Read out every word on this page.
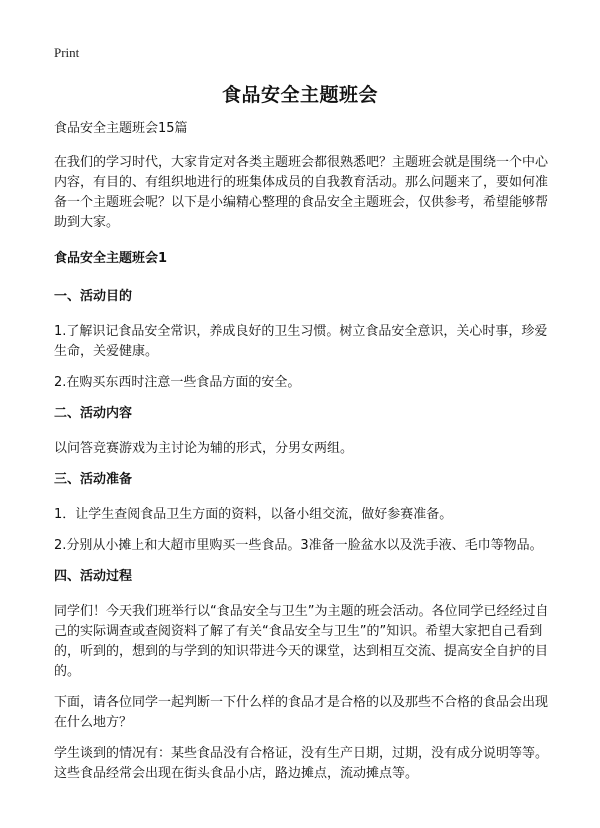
Print
食品安全主题班会

食品安全主题班会15篇

在我们的学习时代，大家肯定对各类主题班会都很熟悉吧？主题班会就是围绕一个中心内容，有目的、有组织地进行的班集体成员的自我教育活动。那么问题来了，要如何准备一个主题班会呢？以下是小编精心整理的食品安全主题班会，仅供参考，希望能够帮助到大家。

食品安全主题班会1
一、活动目的

1.了解识记食品安全常识，养成良好的卫生习惯。树立食品安全意识，关心时事，珍爱生命，关爱健康。

2.在购买东西时注意一些食品方面的安全。

二、活动内容

以问答竞赛游戏为主讨论为辅的形式，分男女两组。

三、活动准备

1．让学生查阅食品卫生方面的资料，以备小组交流，做好参赛准备。

2.分别从小摊上和大超市里购买一些食品。3准备一脸盆水以及洗手液、毛巾等物品。

四、活动过程

同学们！今天我们班举行以“食品安全与卫生”为主题的班会活动。各位同学已经经过自己的实际调查或查阅资料了解了有关“食品安全与卫生”的”知识。希望大家把自己看到的，听到的，想到的与学到的知识带进今天的课堂，达到相互交流、提高安全自护的目的。

下面，请各位同学一起判断一下什么样的食品才是合格的以及那些不合格的食品会出现在什么地方？

学生谈到的情况有：某些食品没有合格证，没有生产日期，过期，没有成分说明等等。这些食品经常会出现在街头食品小店，路边摊点，流动摊点等。
